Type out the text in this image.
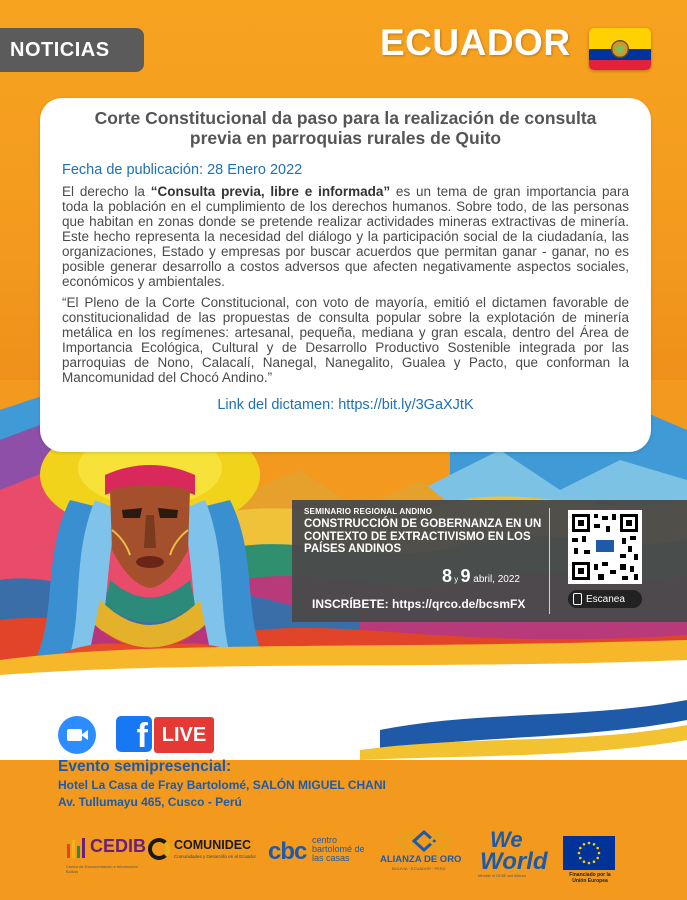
NOTICIAS	ECUADOR
Corte Constitucional da paso para la realización de consulta previa en parroquias rurales de Quito
Fecha de publicación: 28 Enero 2022

El derecho la “Consulta previa, libre e informada” es un tema de gran importancia para toda la población en el cumplimiento de los derechos humanos. Sobre todo, de las personas que habitan en zonas donde se pretende realizar actividades mineras extractivas de minería. Este hecho representa la necesidad del diálogo y la participación social de la ciudadanía, las organizaciones, Estado y empresas por buscar acuerdos que permitan ganar - ganar, no es posible generar desarrollo a costos adversos que afecten negativamente aspectos sociales, económicos y ambientales.

“El Pleno de la Corte Constitucional, con voto de mayoría, emitió el dictamen favorable de constitucionalidad de las propuestas de consulta popular sobre la explotación de minería metálica en los regímenes: artesanal, pequeña, mediana y gran escala, dentro del Área de Importancia Ecológica, Cultural y de Desarrollo Productivo Sostenible integrada por las parroquias de Nono, Calacalí, Nanegal, Nanegalito, Gualea y Pacto, que conforman la Mancomunidad del Chocó Andino.”

Link del dictamen: https://bit.ly/3GaXJtK
SEMINARIO REGIONAL ANDINO
CONSTRUCCIÓN DE GOBERNANZA EN UN CONTEXTO DE EXTRACTIVISMO EN LOS PAÍSES ANDINOS
8 y 9 abril, 2022
INSCRÍBETE: https://qrco.de/bcsmFX	Escanea
f LIVE
Evento semipresencial:
Hotel La Casa de Fray Bartolomé, SALÓN MIGUEL CHANI
Av. Tullumayu 465, Cusco - Perú
CEDIB
Centro de Documentación e Información Bolivia
COMUNIDEC
Comunidades y Desarrollo en el Ecuador cbc centro bartolomé de las casas	ALIANZA DE ORO
BOLIVIA · ECUADOR · PERÚ
We
World
Member of CIDSE and Alliance	Financiado por la Unión Europea
